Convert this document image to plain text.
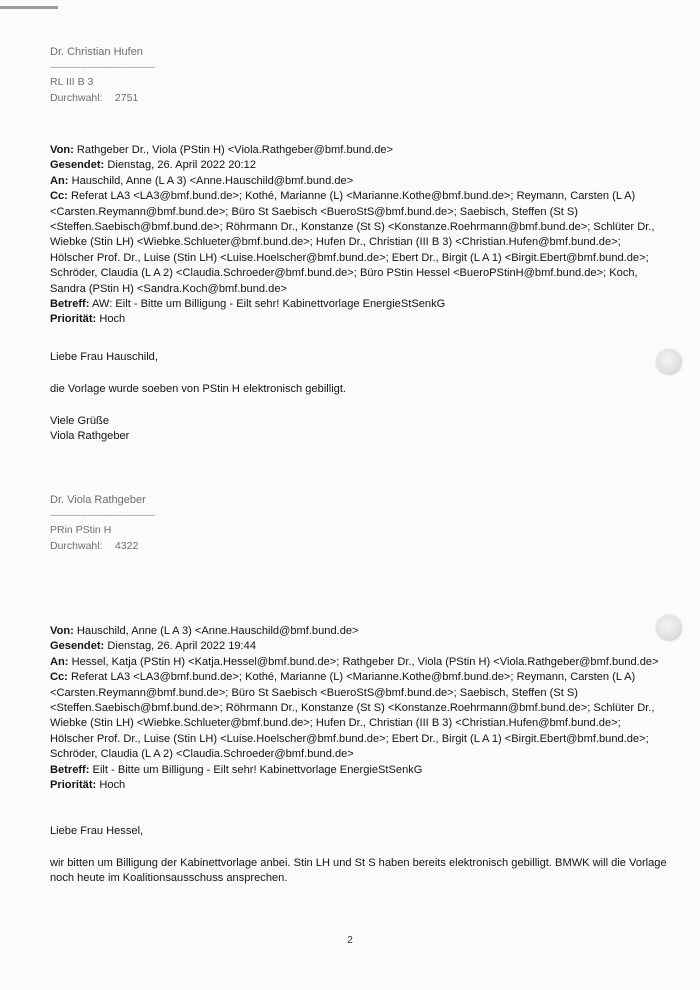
Dr. Christian Hufen
------------------------------------------
RL III B 3
Durchwahl: 2751
Von: Rathgeber Dr., Viola (PStin H) <Viola.Rathgeber@bmf.bund.de>
Gesendet: Dienstag, 26. April 2022 20:12
An: Hauschild, Anne (L A 3) <Anne.Hauschild@bmf.bund.de>
Cc: Referat LA3 <LA3@bmf.bund.de>; Kothé, Marianne (L) <Marianne.Kothe@bmf.bund.de>; Reymann, Carsten (L A) <Carsten.Reymann@bmf.bund.de>; Büro St Saebisch <BueroStS@bmf.bund.de>; Saebisch, Steffen (St S) <Steffen.Saebisch@bmf.bund.de>; Röhrmann Dr., Konstanze (St S) <Konstanze.Roehrmann@bmf.bund.de>; Schlüter Dr., Wiebke (Stin LH) <Wiebke.Schlueter@bmf.bund.de>; Hufen Dr., Christian (III B 3) <Christian.Hufen@bmf.bund.de>; Hölscher Prof. Dr., Luise (Stin LH) <Luise.Hoelscher@bmf.bund.de>; Ebert Dr., Birgit (L A 1) <Birgit.Ebert@bmf.bund.de>; Schröder, Claudia (L A 2) <Claudia.Schroeder@bmf.bund.de>; Büro PStin Hessel <BueroPStinH@bmf.bund.de>; Koch, Sandra (PStin H) <Sandra.Koch@bmf.bund.de>
Betreff: AW: Eilt - Bitte um Billigung - Eilt sehr! Kabinettvorlage EnergieStSenkG
Priorität: Hoch
Liebe Frau Hauschild,
die Vorlage wurde soeben von PStin H elektronisch gebilligt.
Viele Grüße
Viola Rathgeber
Dr. Viola Rathgeber
------------------------------------------
PRin PStin H
Durchwahl: 4322
Von: Hauschild, Anne (L A 3) <Anne.Hauschild@bmf.bund.de>
Gesendet: Dienstag, 26. April 2022 19:44
An: Hessel, Katja (PStin H) <Katja.Hessel@bmf.bund.de>; Rathgeber Dr., Viola (PStin H) <Viola.Rathgeber@bmf.bund.de>
Cc: Referat LA3 <LA3@bmf.bund.de>; Kothé, Marianne (L) <Marianne.Kothe@bmf.bund.de>; Reymann, Carsten (L A) <Carsten.Reymann@bmf.bund.de>; Büro St Saebisch <BueroStS@bmf.bund.de>; Saebisch, Steffen (St S) <Steffen.Saebisch@bmf.bund.de>; Röhrmann Dr., Konstanze (St S) <Konstanze.Roehrmann@bmf.bund.de>; Schlüter Dr., Wiebke (Stin LH) <Wiebke.Schlueter@bmf.bund.de>; Hufen Dr., Christian (III B 3) <Christian.Hufen@bmf.bund.de>; Hölscher Prof. Dr., Luise (Stin LH) <Luise.Hoelscher@bmf.bund.de>; Ebert Dr., Birgit (L A 1) <Birgit.Ebert@bmf.bund.de>; Schröder, Claudia (L A 2) <Claudia.Schroeder@bmf.bund.de>
Betreff: Eilt - Bitte um Billigung - Eilt sehr! Kabinettvorlage EnergieStSenkG
Priorität: Hoch
Liebe Frau Hessel,
wir bitten um Billigung der Kabinettvorlage anbei. Stin LH und St S haben bereits elektronisch gebilligt. BMWK will die Vorlage noch heute im Koalitionsausschuss ansprechen.
2
